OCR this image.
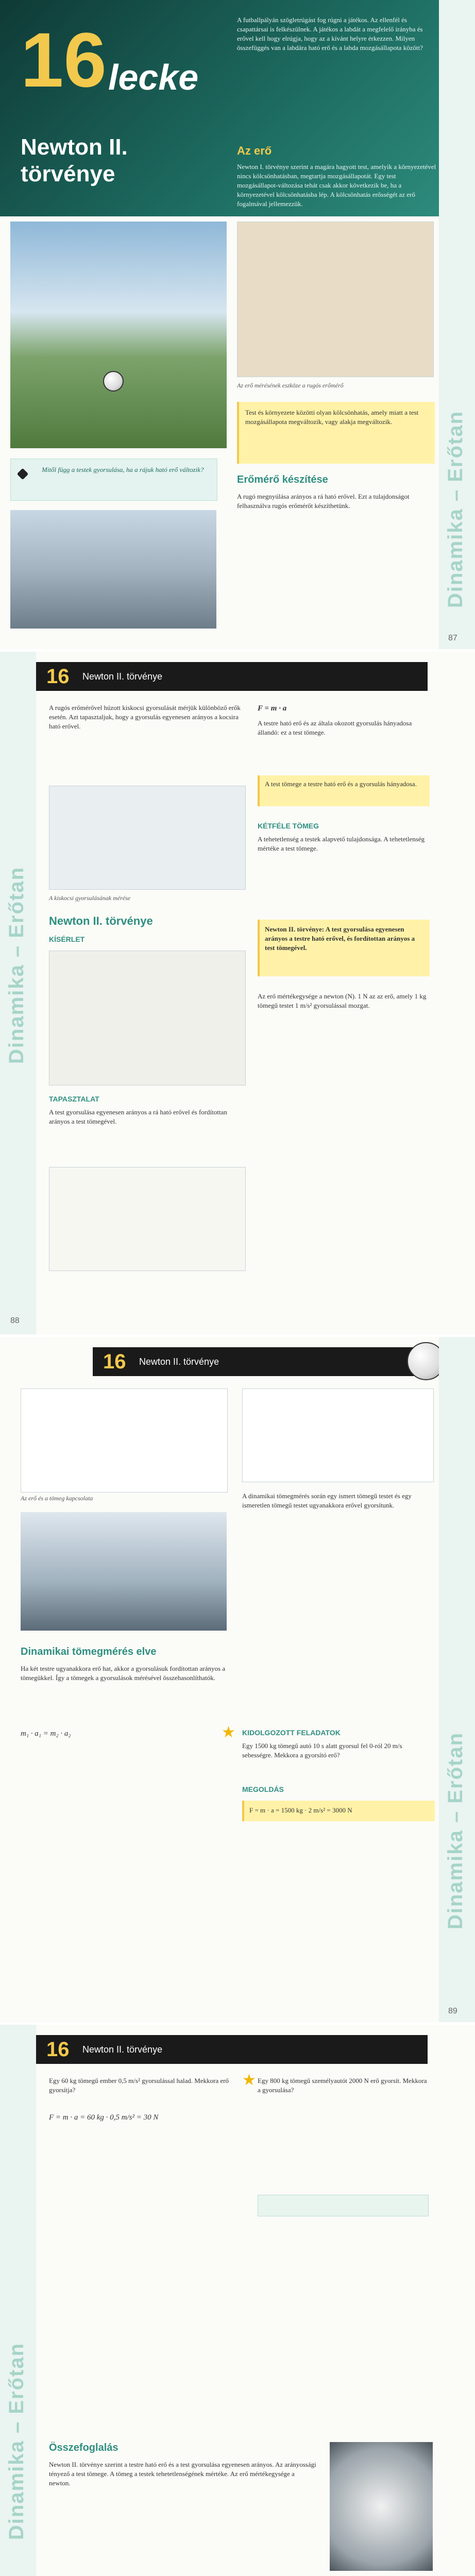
16 lecke
Newton II. törvénye
A futballpályán szögletrúgást fog rúgni a játékos. Az ellenfél és csapattársai is felkészülnek. A játékos a labdát a megfelelő irányba és erővel kell hogy elrúgja, hogy az a kívánt helyre érkezzen. Milyen összefüggés van a labdára ható erő és a labda mozgásállapota között?
Az erő
Newton I. törvénye szerint a magára hagyott test, amelyik a környezetével nincs kölcsönhatásban, megtartja mozgásállapotát. Egy test mozgásállapot-változása tehát csak akkor következik be, ha a környezetével kölcsönhatásba lép. A kölcsönhatás erősségét az erő fogalmával jellemezzük.
Az erő mérésének eszköze a rugós erőmérő
Mitől függ a testek gyorsulása, ha a rájuk ható erő változik?
Test és környezete közötti olyan kölcsönhatás, amely miatt a test mozgásállapota megváltozik, vagy alakja megváltozik.
Erőmérő készítése
A rugó megnyúlása arányos a rá ható erővel. Ezt a tulajdonságot felhasználva rugós erőmérőt készíthetünk.	Dinamika – Erőtan
87
16 Newton II. törvénye
Dinamika – Erőtan
A rugós erőmérővel húzott kiskocsi gyorsulását mérjük különböző erők esetén. Azt tapasztaljuk, hogy a gyorsulás egyenesen arányos a kocsira ható erővel.
A kiskocsi gyorsulásának mérése
Newton II. törvénye
KÍSÉRLET
TAPASZTALAT
A test gyorsulása egyenesen arányos a rá ható erővel és fordítottan arányos a test tömegével.
F = m · a
A testre ható erő és az általa okozott gyorsulás hányadosa állandó: ez a test tömege.
A test tömege a testre ható erő és a gyorsulás hányadosa.
KÉTFÉLE TÖMEG
A tehetetlenség a testek alapvető tulajdonsága. A tehetetlenség mértéke a test tömege.
Newton II. törvénye: A test gyorsulása egyenesen arányos a testre ható erővel, és fordítottan arányos a test tömegével.
Az erő mértékegysége a newton (N). 1 N az az erő, amely 1 kg tömegű testet 1 m/s² gyorsulással mozgat.
88
16 Newton II. törvénye
Az erő és a tömeg kapcsolata
Dinamikai tömegmérés elve
Ha két testre ugyanakkora erő hat, akkor a gyorsulásuk fordítottan arányos a tömegükkel. Így a tömegek a gyorsulások mérésével összehasonlíthatók.
m₁ · a₁ = m₂ · a₂
A dinamikai tömegmérés során egy ismert tömegű testet és egy ismeretlen tömegű testet ugyanakkora erővel gyorsítunk.
KIDOLGOZOTT FELADATOK
★
Egy 1500 kg tömegű autó 10 s alatt gyorsul fel 0-ról 20 m/s sebességre. Mekkora a gyorsító erő?
MEGOLDÁS
F = m · a = 1500 kg · 2 m/s² = 3000 N	Dinamika – Erőtan
89
16 Newton II. törvénye
Dinamika – Erőtan
Egy 60 kg tömegű ember 0,5 m/s² gyorsulással halad. Mekkora erő gyorsítja?
F = m · a = 60 kg · 0,5 m/s² = 30 N
Egy 800 kg tömegű személyautót 2000 N erő gyorsít. Mekkora a gyorsulása?
★
Összefoglalás
Newton II. törvénye szerint a testre ható erő és a test gyorsulása egyenesen arányos. Az arányossági tényező a test tömege. A tömeg a testek tehetetlenségének mértéke. Az erő mértékegysége a newton.
